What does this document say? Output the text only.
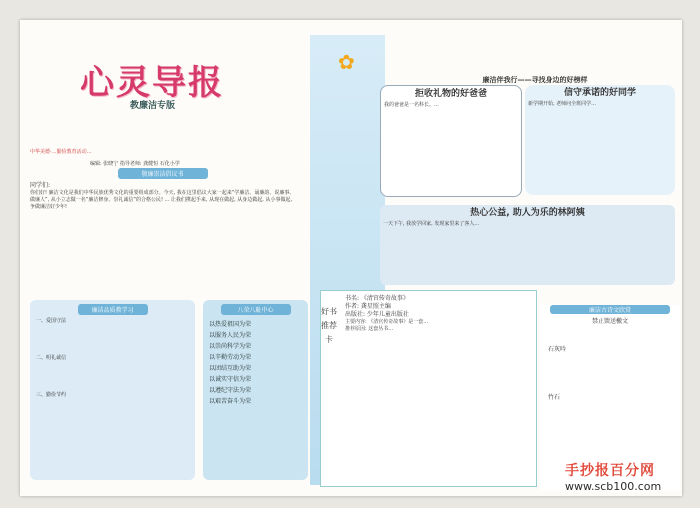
心灵导报
教廉洁专版
中华美德·…勤俭教育活动…
编辑: 张晓宁 指导老师: 龚健恒 石化小学
敬廉崇洁倡议书
同学们:
你们好! 廉洁文化是我们中华民族优秀文化的重要组成部分。今天, 我在这里倡议大家一起来“学廉洁、诵廉韵、说廉事、做廉人”, 从小立志做一名“廉洁修身、崇礼诚信”的合格公民! ... 让我们携起手来, 从现在做起, 从身边做起, 从小事做起, 争做廉洁好少年!
廉洁品质教学习
一、爱国守法
二、明礼诚信
三、勤俭节约
八荣八耻中心
以热爱祖国为荣
以服务人民为荣
以崇尚科学为荣
以辛勤劳动为荣
以团结互助为荣
以诚实守信为荣
以遵纪守法为荣
以艰苦奋斗为荣
✿
廉洁伴我行——寻找身边的好榜样
拒收礼物的好爸爸
我的爸爸是一名科长。...
信守承诺的好同学
新学期开始, 老师问全班同学...
热心公益, 助人为乐的林阿姨
一天下午, 我放学回家, 发现家里来了客人...
书名: 《清官传奇故事》
作者: 龚星照主编
出版社: 少年儿童出版社
主要内容: 《清官传奇故事》是一套…
推荐原因: 这套丛书…
好书推荐卡
廉洁古诗文欣赏
禁止馈送檄文
石灰吟
竹石
手抄报百分网
www.scb100.com
